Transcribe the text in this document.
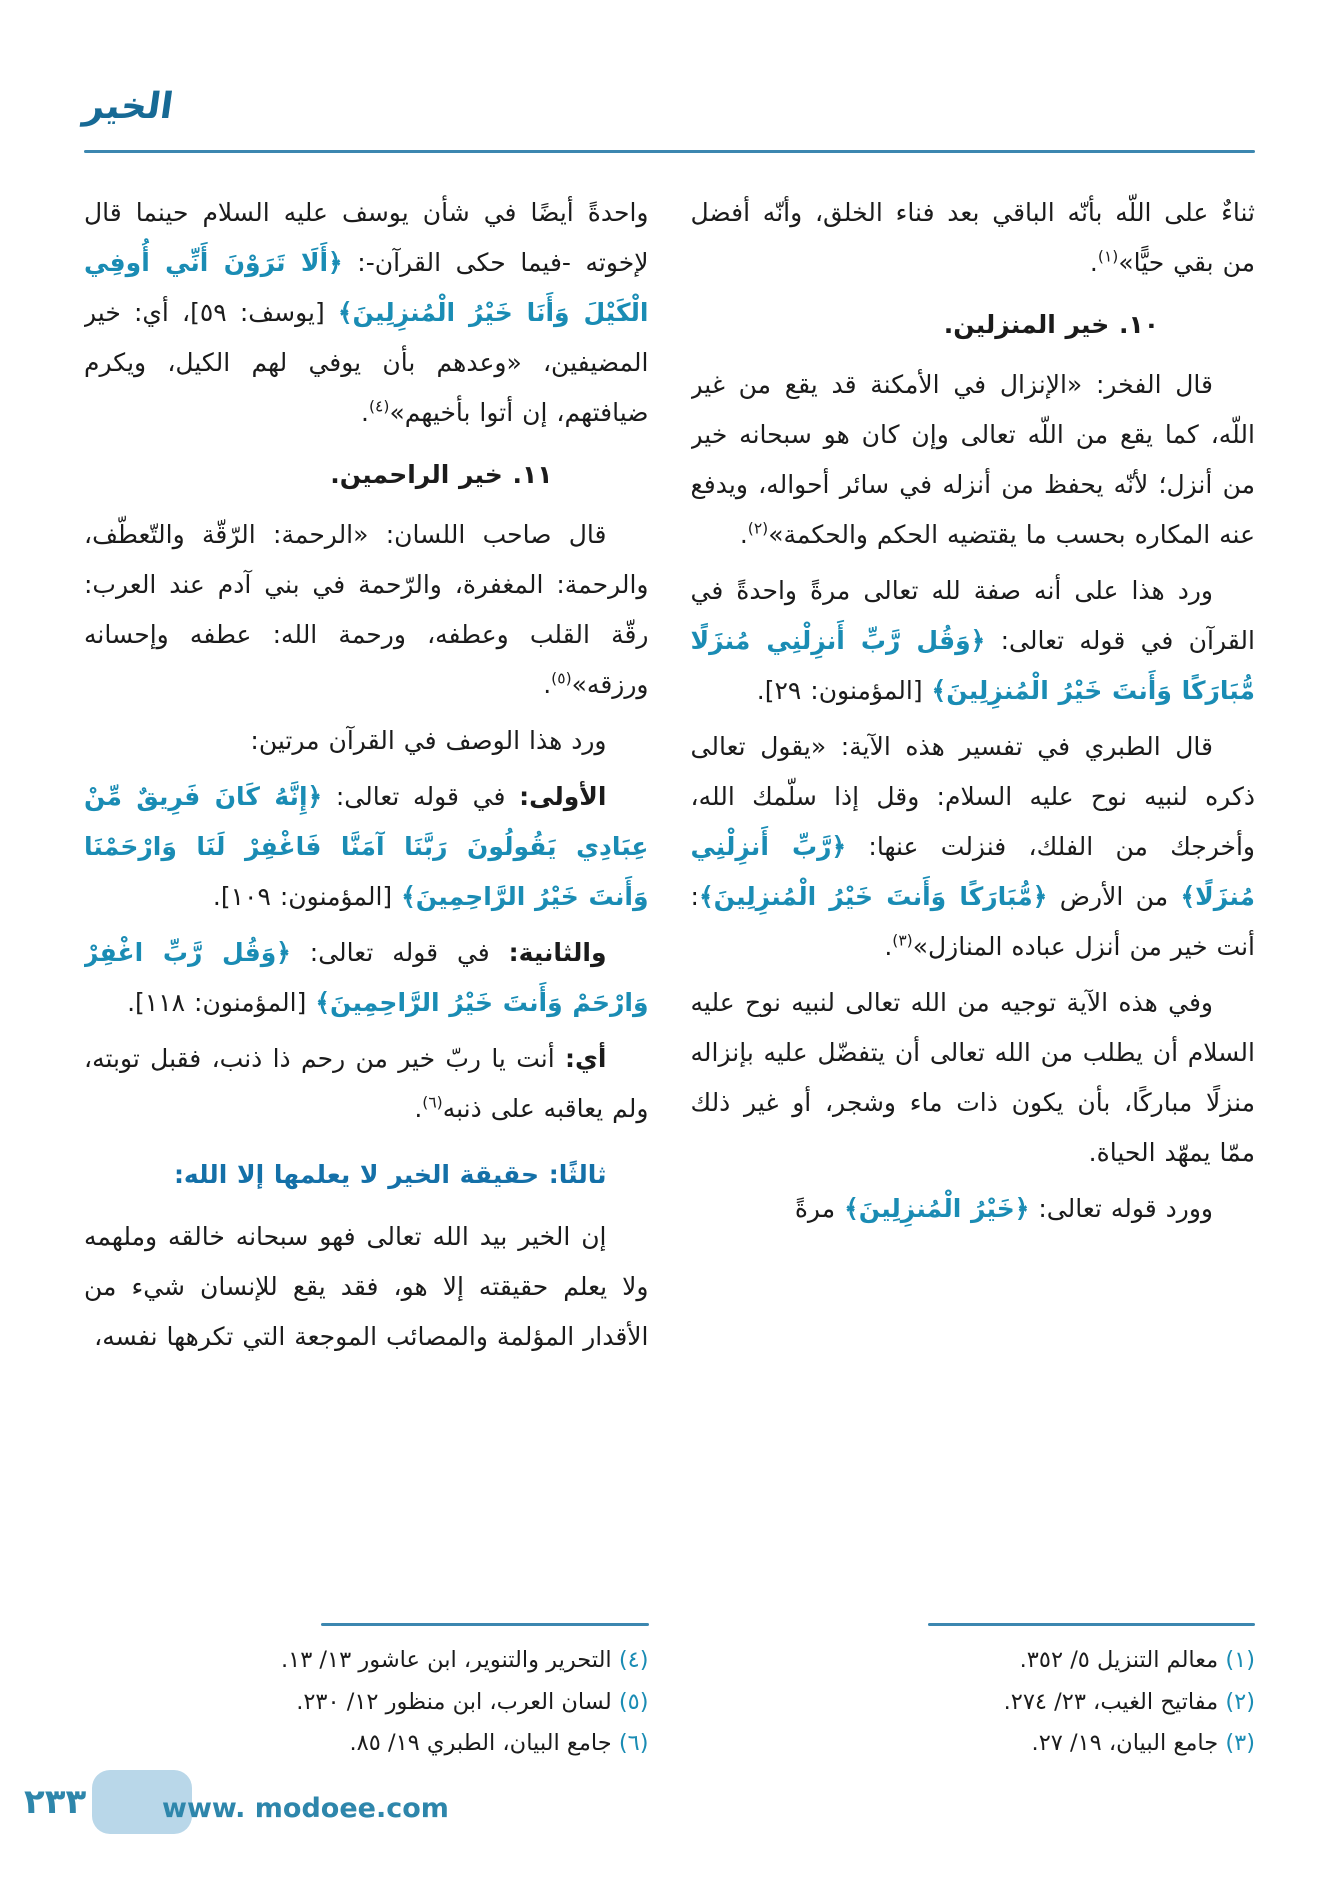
الخير

ثناءٌ على اللّه بأنّه الباقي بعد فناء الخلق، وأنّه أفضل من بقي حيًّا»$^{(١)}$.

١٠. خير المنزلين.

قال الفخر: «الإنزال في الأمكنة قد يقع من غير اللّه، كما يقع من اللّه تعالى وإن كان هو سبحانه خير من أنزل؛ لأنّه يحفظ من أنزله في سائر أحواله، ويدفع عنه المكاره بحسب ما يقتضيه الحكم والحكمة»$^{(٢)}$.

ورد هذا على أنه صفة لله تعالى مرةً واحدةً في القرآن في قوله تعالى: ﴿وَقُل رَّبِّ أَنزِلْنِي مُنزَلًا مُّبَارَكًا وَأَنتَ خَيْرُ الْمُنزِلِينَ﴾ [المؤمنون: ٢٩].

قال الطبري في تفسير هذه الآية: «يقول تعالى ذكره لنبيه نوح عليه السلام: وقل إذا سلّمك الله، وأخرجك من الفلك، فنزلت عنها: ﴿رَّبِّ أَنزِلْنِي مُنزَلًا﴾ من الأرض ﴿مُّبَارَكًا وَأَنتَ خَيْرُ الْمُنزِلِينَ﴾: أنت خير من أنزل عباده المنازل»$^{(٣)}$.

وفي هذه الآية توجيه من الله تعالى لنبيه نوح عليه السلام أن يطلب من الله تعالى أن يتفضّل عليه بإنزاله منزلًا مباركًا، بأن يكون ذات ماء وشجر، أو غير ذلك ممّا يمهّد الحياة.

وورد قوله تعالى: ﴿خَيْرُ الْمُنزِلِينَ﴾ مرةً

(١) معالم التنزيل ٥/ ٣٥٢.
(٢) مفاتيح الغيب، ٢٣/ ٢٧٤.
(٣) جامع البيان، ١٩/ ٢٧.

واحدةً أيضًا في شأن يوسف عليه السلام حينما قال لإخوته -فيما حكى القرآن-: ﴿أَلَا تَرَوْنَ أَنِّي أُوفِي الْكَيْلَ وَأَنَا خَيْرُ الْمُنزِلِينَ﴾ [يوسف: ٥٩]، أي: خير المضيفين، «وعدهم بأن يوفي لهم الكيل، ويكرم ضيافتهم، إن أتوا بأخيهم»$^{(٤)}$.

١١. خير الراحمين.

قال صاحب اللسان: «الرحمة: الرّقّة والتّعطّف، والرحمة: المغفرة، والرّحمة في بني آدم عند العرب: رقّة القلب وعطفه، ورحمة الله: عطفه وإحسانه ورزقه»$^{(٥)}$.

ورد هذا الوصف في القرآن مرتين:

الأولى: في قوله تعالى: ﴿إِنَّهُ كَانَ فَرِيقٌ مِّنْ عِبَادِي يَقُولُونَ رَبَّنَا آمَنَّا فَاغْفِرْ لَنَا وَارْحَمْنَا وَأَنتَ خَيْرُ الرَّاحِمِينَ﴾ [المؤمنون: ١٠٩].

والثانية: في قوله تعالى: ﴿وَقُل رَّبِّ اغْفِرْ وَارْحَمْ وَأَنتَ خَيْرُ الرَّاحِمِينَ﴾ [المؤمنون: ١١٨].

أي: أنت يا ربّ خير من رحم ذا ذنب، فقبل توبته، ولم يعاقبه على ذنبه$^{(٦)}$.

ثالثًا: حقيقة الخير لا يعلمها إلا الله:

إن الخير بيد الله تعالى فهو سبحانه خالقه وملهمه ولا يعلم حقيقته إلا هو، فقد يقع للإنسان شيء من الأقدار المؤلمة والمصائب الموجعة التي تكرهها نفسه،

(٤) التحرير والتنوير، ابن عاشور ١٣/ ١٣.
(٥) لسان العرب، ابن منظور ١٢/ ٢٣٠.
(٦) جامع البيان، الطبري ١٩/ ٨٥.
٢٣٣	www. modoee.com
